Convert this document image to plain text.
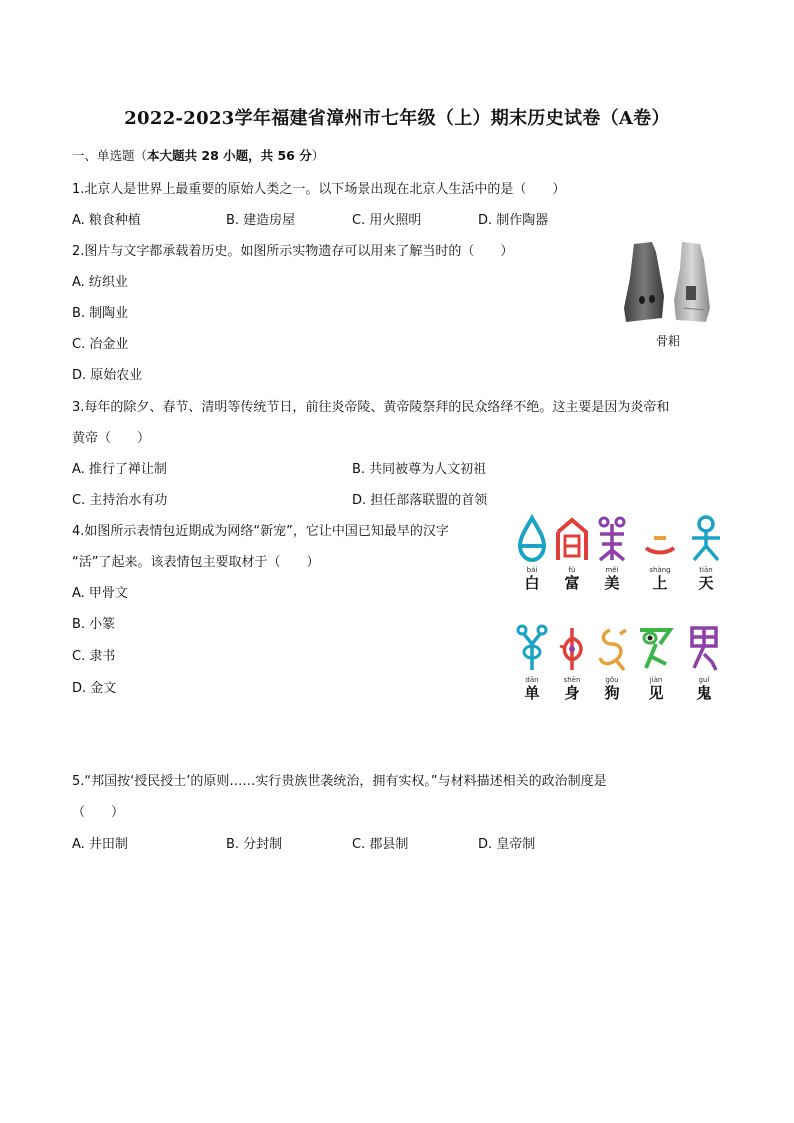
2022-2023学年福建省漳州市七年级（上）期末历史试卷（A卷）
一、单选题（本大题共 28 小题，共 56 分）
1.北京人是世界上最重要的原始人类之一。以下场景出现在北京人生活中的是（　　）
A. 粮食种植	B. 建造房屋	C. 用火照明	D. 制作陶器
2.图片与文字都承载着历史。如图所示实物遗存可以用来了解当时的（　　）
A. 纺织业
B. 制陶业
C. 冶金业
D. 原始农业
骨耜
3.每年的除夕、春节、清明等传统节日，前往炎帝陵、黄帝陵祭拜的民众络绎不绝。这主要是因为炎帝和
黄帝（　　）
A. 推行了禅让制	B. 共同被尊为人文初祖
C. 主持治水有功	D. 担任部落联盟的首领
4.如图所示表情包近期成为网络“新宠”，它让中国已知最早的汉字
“活”了起来。该表情包主要取材于（　　）
A. 甲骨文
B. 小篆
C. 隶书
D. 金文
bái
白
fù
富
měi
美
shàng
上
tiān
天
dān
单
shēn
身
gǒu
狗
jiàn
见
guǐ
鬼
5.“邦国按‘授民授土’的原则……实行贵族世袭统治，拥有实权。”与材料描述相关的政治制度是
（　　）
A. 井田制	B. 分封制	C. 郡县制	D. 皇帝制
